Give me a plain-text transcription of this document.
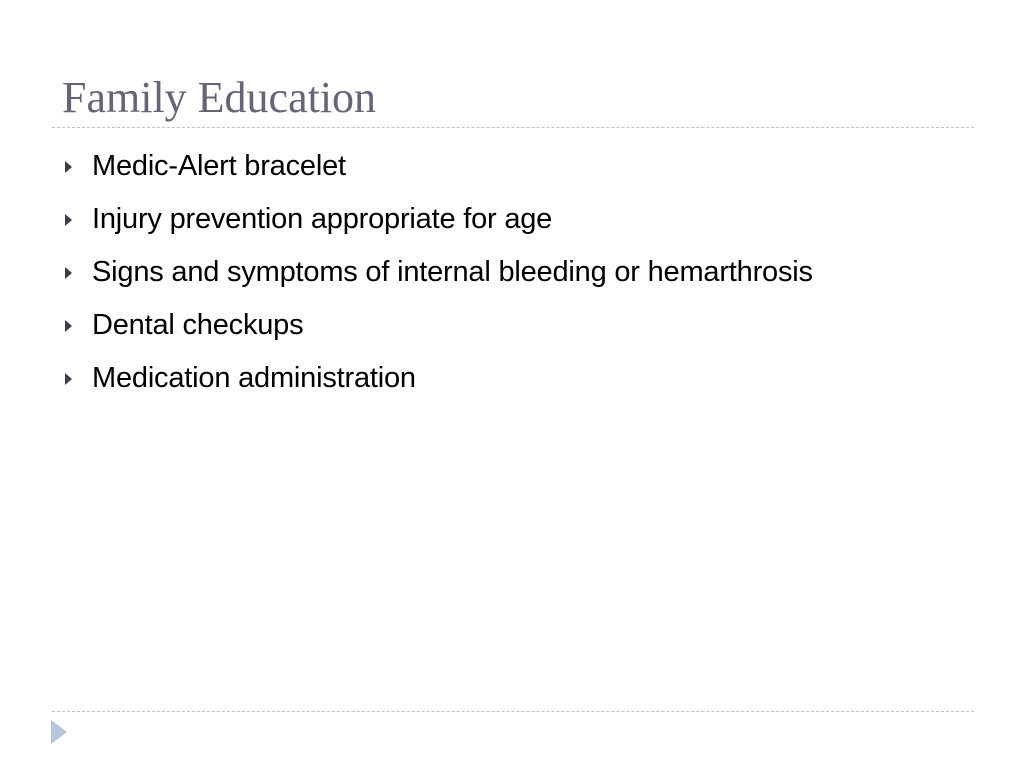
Family Education
Medic-Alert bracelet
Injury prevention appropriate for age
Signs and symptoms of internal bleeding or hemarthrosis
Dental checkups
Medication administration
